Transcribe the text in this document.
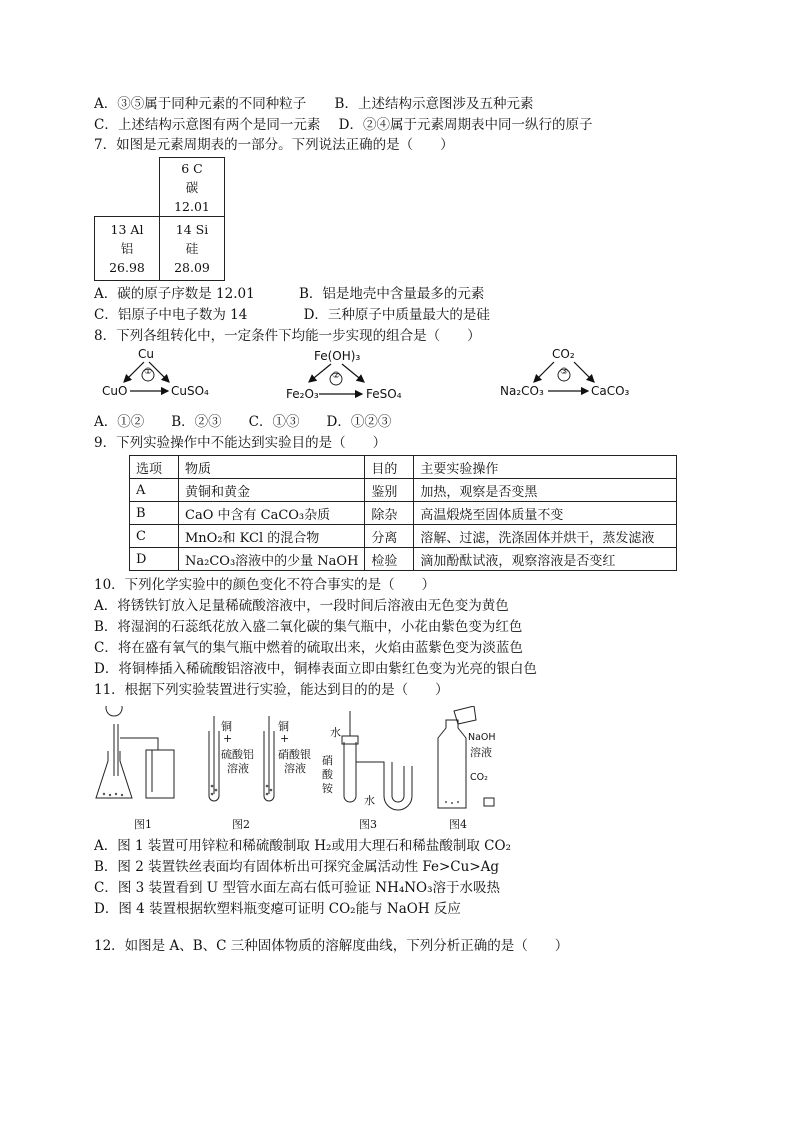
A．③⑤属于同种元素的不同种粒子 B．上述结构示意图涉及五种元素
C．上述结构示意图有两个是同一元素 D．②④属于元素周期表中同一纵行的原子
7．如图是元素周期表的一部分。下列说法正确的是（　　）
6 C
碳
12.01
13 Al
铝
26.98
14 Si
硅
28.09
A．碳的原子序数是 12.01	B．铝是地壳中含量最多的元素
C．铝原子中电子数为 14	D．三种原子中质量最大的是硅
8．下列各组转化中，一定条件下均能一步实现的组合是（　　）
Cu
CuO	CuSO₄
①
Fe(OH)₃
Fe₂O₃	FeSO₄
②
CO₂
Na₂CO₃	CaCO₃
③
A．①②　　B．②③　　C．①③　　D．①②③
9．下列实验操作中不能达到实验目的是（　　）
选项	物质	目的	主要实验操作
A	黄铜和黄金	鉴别	加热，观察是否变黑
B	CaO 中含有 CaCO₃杂质	除杂	高温煅烧至固体质量不变
C	MnO₂和 KCl 的混合物	分离	溶解、过滤，洗涤固体并烘干，蒸发滤液
D	Na₂CO₃溶液中的少量 NaOH	检验	滴加酚酞试液，观察溶液是否变红
10．下列化学实验中的颜色变化不符合事实的是（　　）
A．将锈铁钉放入足量稀硫酸溶液中，一段时间后溶液由无色变为黄色
B．将湿润的石蕊纸花放入盛二氧化碳的集气瓶中，小花由紫色变为红色
C．将在盛有氧气的集气瓶中燃着的硫取出来，火焰由蓝紫色变为淡蓝色
D．将铜棒插入稀硫酸铝溶液中，铜棒表面立即由紫红色变为光亮的银白色
11．根据下列实验装置进行实验，能达到目的的是（　　）
图1	图2	图3	图4
铜
+
硫酸铝
溶液
铜
+
硝酸银
溶液
水
硝
酸
铵
水
NaOH
溶液
CO₂
A．图 1 装置可用锌粒和稀硫酸制取 H₂或用大理石和稀盐酸制取 CO₂
B．图 2 装置铁丝表面均有固体析出可探究金属活动性 Fe>Cu>Ag
C．图 3 装置看到 U 型管水面左高右低可验证 NH₄NO₃溶于水吸热
D．图 4 装置根据软塑料瓶变瘪可证明 CO₂能与 NaOH 反应
12．如图是 A、B、C 三种固体物质的溶解度曲线，下列分析正确的是（　　）
